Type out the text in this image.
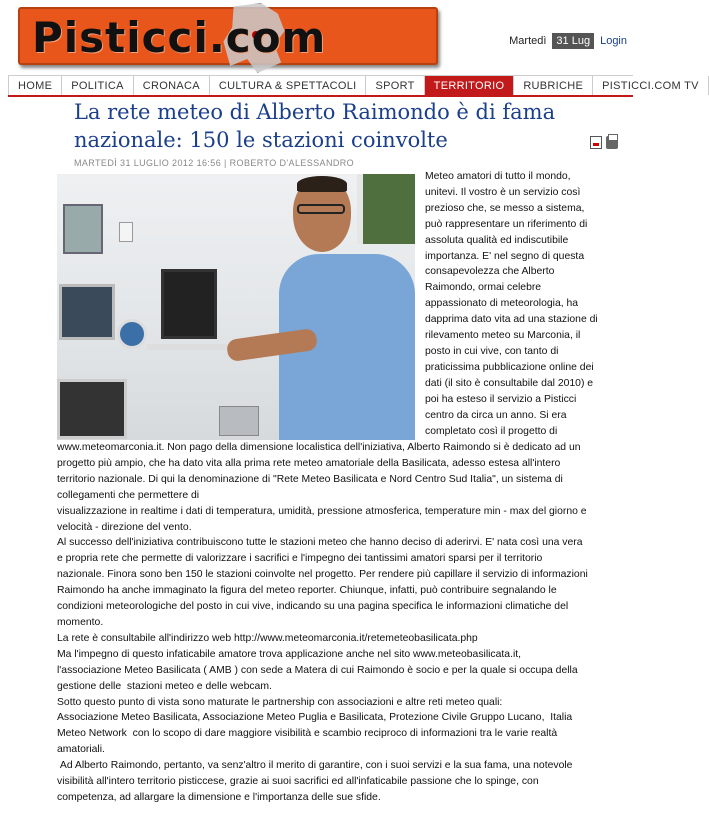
Pisticci.com	Martedì 31 Lug Login
HOME	POLITICA	CRONACA	CULTURA & SPETTACOLI	SPORT	TERRITORIO	RUBRICHE	PISTICCI.COM TV
La rete meteo di Alberto Raimondo è di fama nazionale: 150 le stazioni coinvolte
MARTEDÌ 31 LUGLIO 2012 16:56 | ROBERTO D'ALESSANDRO
Meteo amatori di tutto il mondo,
unitevi. Il vostro è un servizio così
prezioso che, se messo a sistema,
può rappresentare un riferimento di
assoluta qualità ed indiscutibile
importanza. E' nel segno di questa
consapevolezza che Alberto
Raimondo, ormai celebre
appassionato di meteorologia, ha
dapprima dato vita ad una stazione di
rilevamento meteo su Marconia, il
posto in cui vive, con tanto di
praticissima pubblicazione online dei
dati (il sito è consultabile dal 2010) e
poi ha esteso il servizio a Pisticci
centro da circa un anno. Si era
completato così il progetto di
www.meteomarconia.it. Non pago della dimensione localistica dell'iniziativa, Alberto Raimondo si è dedicato ad un
progetto più ampio, che ha dato vita alla prima rete meteo amatoriale della Basilicata, adesso estesa all'intero
territorio nazionale. Di qui la denominazione di "Rete Meteo Basilicata e Nord Centro Sud Italia", un sistema di
collegamenti che permettere di
visualizzazione in realtime i dati di temperatura, umidità, pressione atmosferica, temperature min - max del giorno e
velocità - direzione del vento.
Al successo dell'iniziativa contribuiscono tutte le stazioni meteo che hanno deciso di aderirvi. E' nata così una vera
e propria rete che permette di valorizzare i sacrifici e l'impegno dei tantissimi amatori sparsi per il territorio
nazionale. Finora sono ben 150 le stazioni coinvolte nel progetto. Per rendere più capillare il servizio di informazioni
Raimondo ha anche immaginato la figura del meteo reporter. Chiunque, infatti, può contribuire segnalando le
condizioni meteorologiche del posto in cui vive, indicando su una pagina specifica le informazioni climatiche del
momento.
La rete è consultabile all'indirizzo web http://www.meteomarconia.it/retemeteobasilicata.php
Ma l'impegno di questo infaticabile amatore trova applicazione anche nel sito www.meteobasilicata.it,
l'associazione Meteo Basilicata ( AMB ) con sede a Matera di cui Raimondo è socio e per la quale si occupa della
gestione delle  stazioni meteo e delle webcam.
Sotto questo punto di vista sono maturate le partnership con associazioni e altre reti meteo quali:
Associazione Meteo Basilicata, Associazione Meteo Puglia e Basilicata, Protezione Civile Gruppo Lucano,  Italia
Meteo Network  con lo scopo di dare maggiore visibilità e scambio reciproco di informazioni tra le varie realtà
amatoriali.
Ad Alberto Raimondo, pertanto, va senz'altro il merito di garantire, con i suoi servizi e la sua fama, una notevole
visibilità all'intero territorio pisticcese, grazie ai suoi sacrifici ed all'infaticabile passione che lo spinge, con
competenza, ad allargare la dimensione e l'importanza delle sue sfide.
